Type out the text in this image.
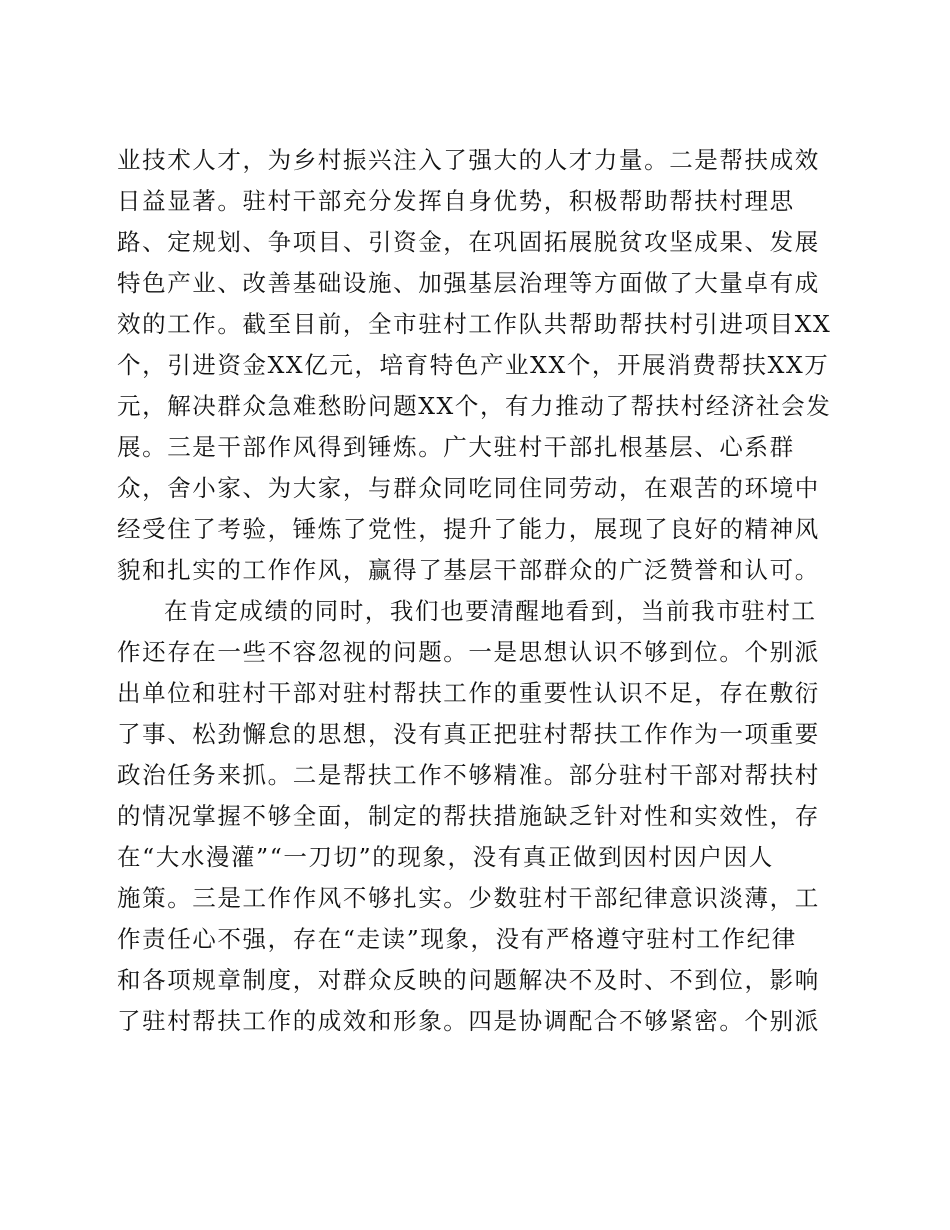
业技术人才，为乡村振兴注入了强大的人才力量。二是帮扶成效
日益显著。驻村干部充分发挥自身优势，积极帮助帮扶村理思
路、定规划、争项目、引资金，在巩固拓展脱贫攻坚成果、发展
特色产业、改善基础设施、加强基层治理等方面做了大量卓有成
效的工作。截至目前，全市驻村工作队共帮助帮扶村引进项目XX
个，引进资金XX亿元，培育特色产业XX个，开展消费帮扶XX万
元，解决群众急难愁盼问题XX个，有力推动了帮扶村经济社会发
展。三是干部作风得到锤炼。广大驻村干部扎根基层、心系群
众，舍小家、为大家，与群众同吃同住同劳动，在艰苦的环境中
经受住了考验，锤炼了党性，提升了能力，展现了良好的精神风
貌和扎实的工作作风，赢得了基层干部群众的广泛赞誉和认可。
在肯定成绩的同时，我们也要清醒地看到，当前我市驻村工
作还存在一些不容忽视的问题。一是思想认识不够到位。个别派
出单位和驻村干部对驻村帮扶工作的重要性认识不足，存在敷衍
了事、松劲懈怠的思想，没有真正把驻村帮扶工作作为一项重要
政治任务来抓。二是帮扶工作不够精准。部分驻村干部对帮扶村
的情况掌握不够全面，制定的帮扶措施缺乏针对性和实效性，存
在“大水漫灌”“一刀切”的现象，没有真正做到因村因户因人
施策。三是工作作风不够扎实。少数驻村干部纪律意识淡薄，工
作责任心不强，存在“走读”现象，没有严格遵守驻村工作纪律
和各项规章制度，对群众反映的问题解决不及时、不到位，影响
了驻村帮扶工作的成效和形象。四是协调配合不够紧密。个别派
